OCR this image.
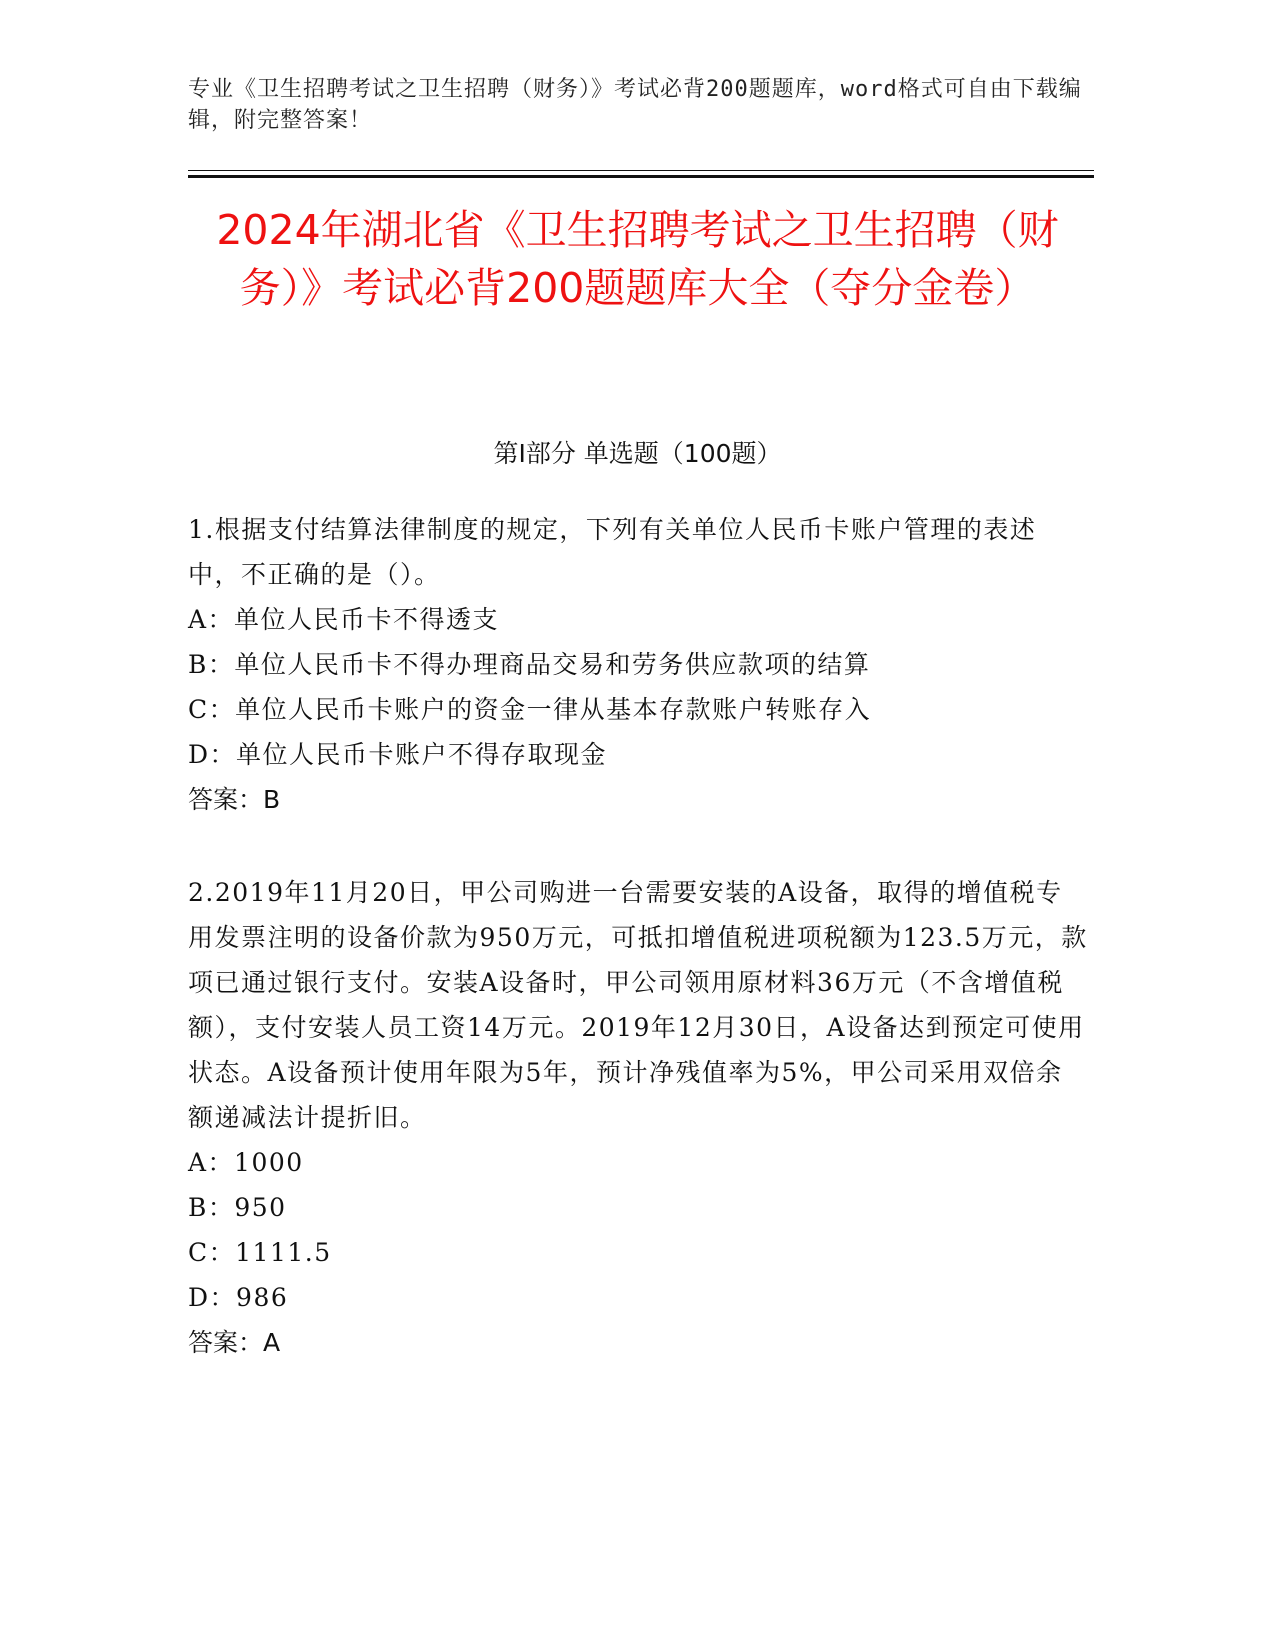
专业《卫生招聘考试之卫生招聘（财务）》考试必背200题题库，word格式可自由下载编辑，附完整答案！
2024年湖北省《卫生招聘考试之卫生招聘（财务）》考试必背200题题库大全（夺分金卷）
第Ⅰ部分 单选题（100题）
1.根据支付结算法律制度的规定，下列有关单位人民币卡账户管理的表述中，不正确的是（）。
A：单位人民币卡不得透支
B：单位人民币卡不得办理商品交易和劳务供应款项的结算
C：单位人民币卡账户的资金一律从基本存款账户转账存入
D：单位人民币卡账户不得存取现金
答案：B
2.2019年11月20日，甲公司购进一台需要安装的A设备，取得的增值税专用发票注明的设备价款为950万元，可抵扣增值税进项税额为123.5万元，款项已通过银行支付。安装A设备时，甲公司领用原材料36万元（不含增值税额），支付安装人员工资14万元。2019年12月30日，A设备达到预定可使用状态。A设备预计使用年限为5年，预计净残值率为5%，甲公司采用双倍余额递减法计提折旧。
A：1000
B：950
C：1111.5
D：986
答案：A
